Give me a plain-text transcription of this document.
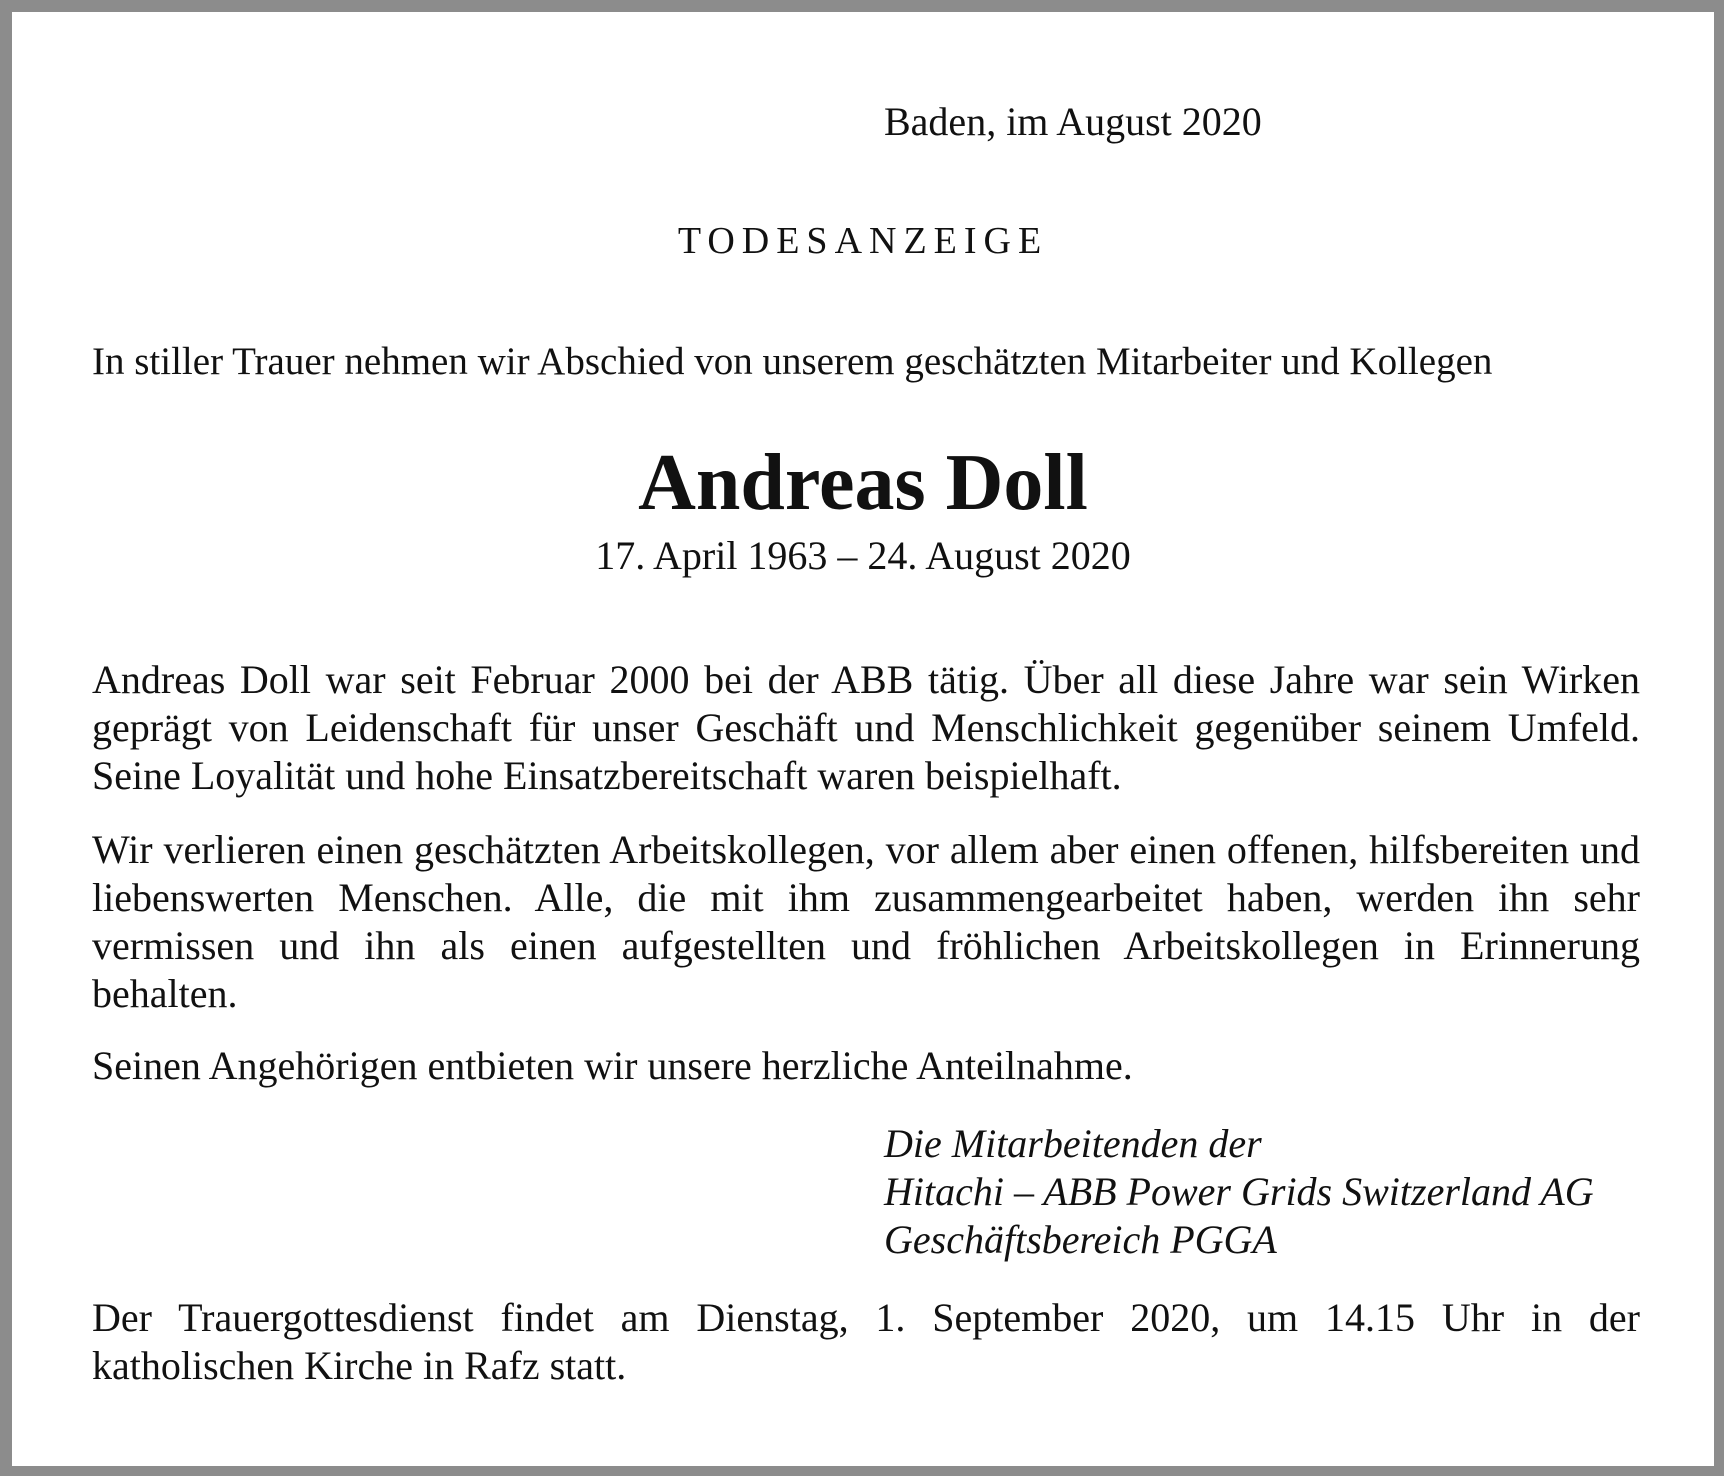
Baden, im August 2020

TODESANZEIGE

In stiller Trauer nehmen wir Abschied von unserem geschätzten Mitarbeiter und Kollegen

Andreas Doll

17. April 1963 – 24. August 2020

Andreas Doll war seit Februar 2000 bei der ABB tätig. Über all diese Jahre war sein Wirken geprägt von Leidenschaft für unser Geschäft und Menschlichkeit gegenüber seinem Umfeld. Seine Loyalität und hohe Einsatzbereitschaft waren beispielhaft.

Wir verlieren einen geschätzten Arbeitskollegen, vor allem aber einen offenen, hilfsbereiten und liebenswerten Menschen. Alle, die mit ihm zusammengearbeitet haben, werden ihn sehr vermissen und ihn als einen aufgestellten und fröhlichen Arbeitskollegen in Erinnerung behalten.

Seinen Angehörigen entbieten wir unsere herzliche Anteilnahme.

Die Mitarbeitenden der
Hitachi – ABB Power Grids Switzerland AG
Geschäftsbereich PGGA

Der Trauergottesdienst findet am Dienstag, 1. September 2020, um 14.15 Uhr in der katholischen Kirche in Rafz statt.
